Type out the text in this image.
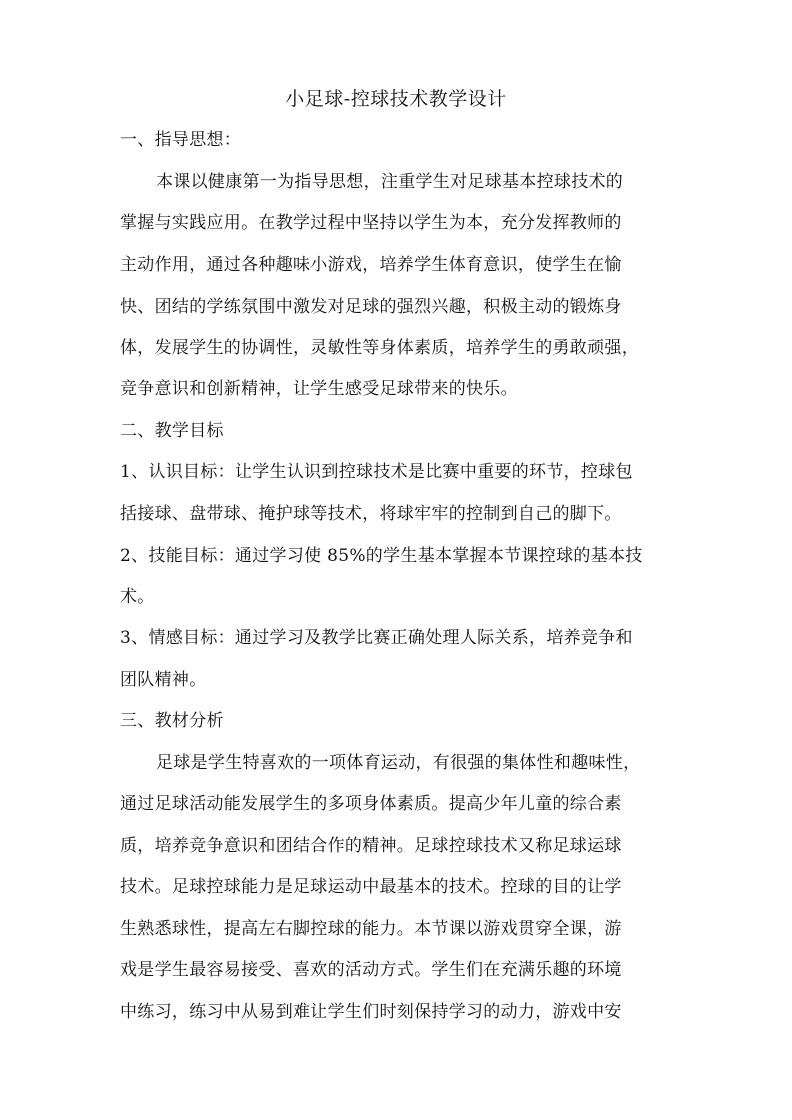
小足球-控球技术教学设计
一、指导思想：
本课以健康第一为指导思想，注重学生对足球基本控球技术的
掌握与实践应用。在教学过程中坚持以学生为本，充分发挥教师的
主动作用，通过各种趣味小游戏，培养学生体育意识，使学生在愉
快、团结的学练氛围中激发对足球的强烈兴趣，积极主动的锻炼身
体，发展学生的协调性，灵敏性等身体素质，培养学生的勇敢顽强，
竞争意识和创新精神，让学生感受足球带来的快乐。
二、教学目标
1、认识目标：让学生认识到控球技术是比赛中重要的环节，控球包
括接球、盘带球、掩护球等技术，将球牢牢的控制到自己的脚下。
2、技能目标：通过学习使 85%的学生基本掌握本节课控球的基本技
术。
3、情感目标：通过学习及教学比赛正确处理人际关系，培养竞争和
团队精神。
三、教材分析
足球是学生特喜欢的一项体育运动，有很强的集体性和趣味性，
通过足球活动能发展学生的多项身体素质。提高少年儿童的综合素
质，培养竞争意识和团结合作的精神。足球控球技术又称足球运球
技术。足球控球能力是足球运动中最基本的技术。控球的目的让学
生熟悉球性，提高左右脚控球的能力。本节课以游戏贯穿全课，游
戏是学生最容易接受、喜欢的活动方式。学生们在充满乐趣的环境
中练习，练习中从易到难让学生们时刻保持学习的动力，游戏中安
